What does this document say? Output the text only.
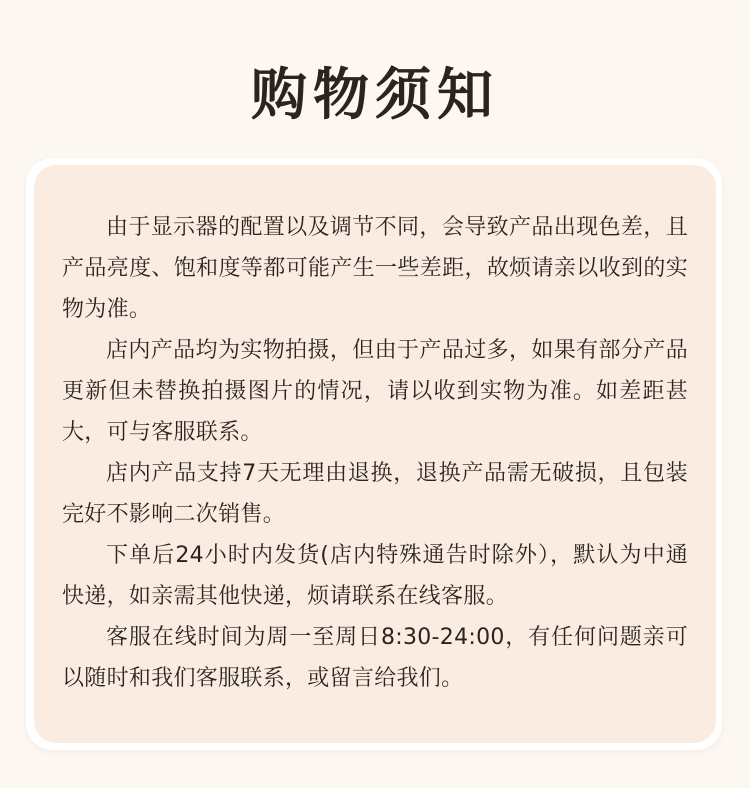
购物须知

由于显示器的配置以及调节不同，会导致产品出现色差，且产品亮度、饱和度等都可能产生一些差距，故烦请亲以收到的实物为准。

店内产品均为实物拍摄，但由于产品过多，如果有部分产品更新但未替换拍摄图片的情况，请以收到实物为准。如差距甚大，可与客服联系。

店内产品支持7天无理由退换，退换产品需无破损，且包装完好不影响二次销售。

下单后24小时内发货(店内特殊通告时除外），默认为中通快递，如亲需其他快递，烦请联系在线客服。

客服在线时间为周一至周日8:30-24:00，有任何问题亲可以随时和我们客服联系，或留言给我们。
